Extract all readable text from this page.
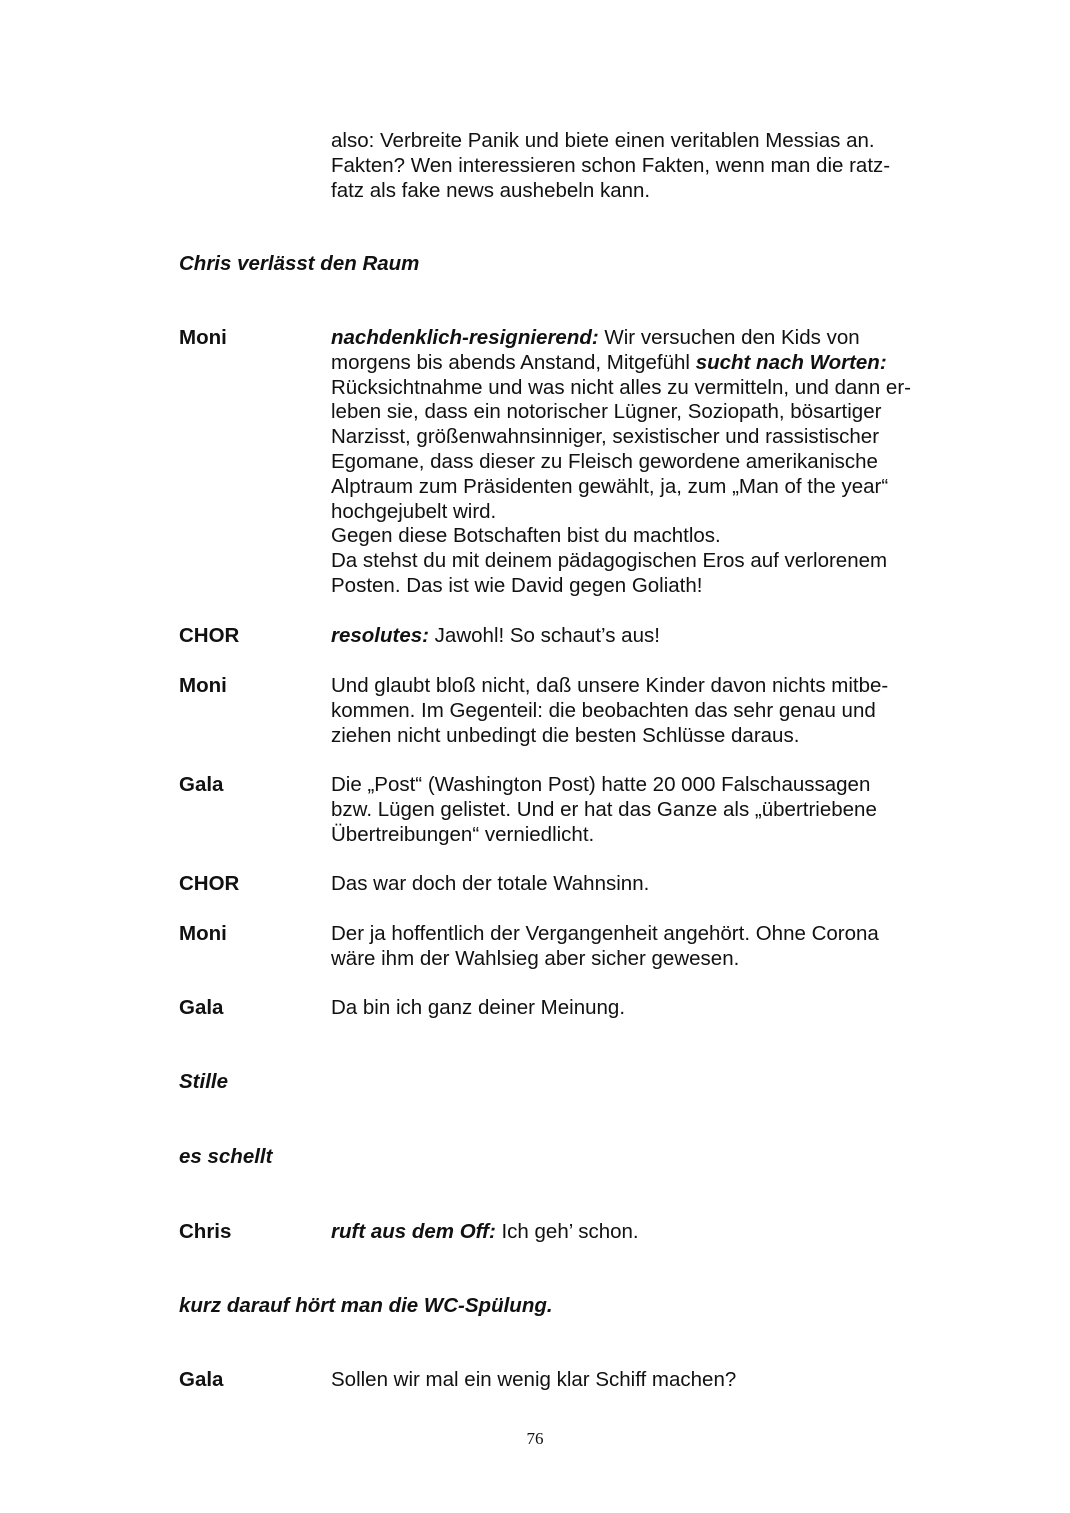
also: Verbreite Panik und biete einen veritablen Messias an.

Fakten? Wen interessieren schon Fakten, wenn man die ratz-

fatz als fake news aushebeln kann.

Chris verlässt den Raum
Moni	nachdenklich-resignierend: Wir versuchen den Kids von

morgens bis abends Anstand, Mitgefühl sucht nach Worten:

Rücksichtnahme und was nicht alles zu vermitteln, und dann er-

leben sie, dass ein notorischer Lügner, Soziopath, bösartiger

Narzisst, größenwahnsinniger, sexistischer und rassistischer

Egomane, dass dieser zu Fleisch gewordene amerikanische

Alptraum zum Präsidenten gewählt, ja, zum „Man of the year“

hochgejubelt wird.

Gegen diese Botschaften bist du machtlos.

Da stehst du mit deinem pädagogischen Eros auf verlorenem

Posten. Das ist wie David gegen Goliath!

CHOR	resolutes: Jawohl! So schaut’s aus!

Moni	Und glaubt bloß nicht, daß unsere Kinder davon nichts mitbe-

kommen. Im Gegenteil: die beobachten das sehr genau und

ziehen nicht unbedingt die besten Schlüsse daraus.

Gala	Die „Post“ (Washington Post) hatte 20 000 Falschaussagen

bzw. Lügen gelistet. Und er hat das Ganze als „übertriebene

Übertreibungen“ verniedlicht.

CHOR	Das war doch der totale Wahnsinn.

Moni	Der ja hoffentlich der Vergangenheit angehört. Ohne Corona

wäre ihm der Wahlsieg aber sicher gewesen.

Gala	Da bin ich ganz deiner Meinung.

Stille
es schellt
Chris	ruft aus dem Off: Ich geh’ schon.

kurz darauf hört man die WC-Spülung.
Gala	Sollen wir mal ein wenig klar Schiff machen?

76
